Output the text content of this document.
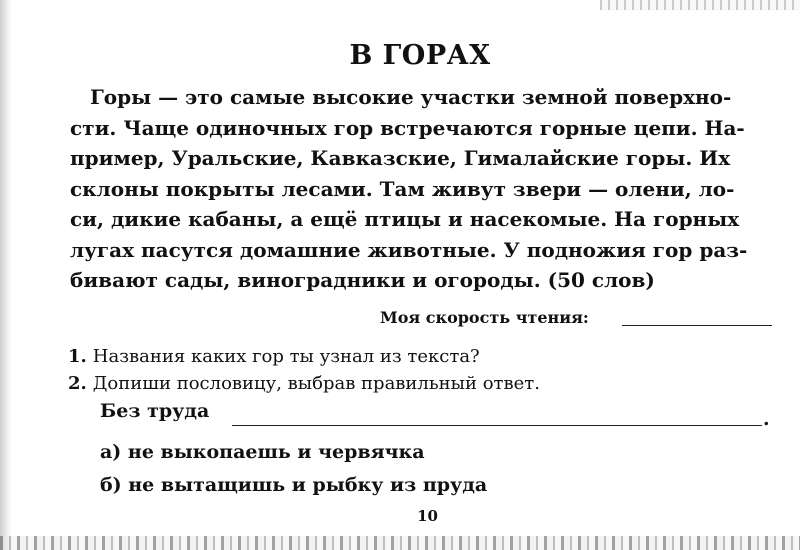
В ГОРАХ
Горы — это самые высокие участки земной поверхно-
сти. Чаще одиночных гор встречаются горные цепи. На-
пример, Уральские, Кавказские, Гималайские горы. Их
склоны покрыты лесами. Там живут звери — олени, ло-
си, дикие кабаны, а ещё птицы и насекомые. На горных
лугах пасутся домашние животные. У подножия гор раз-
бивают сады, виноградники и огороды. (50 слов)
Моя скорость чтения:
1. Названия каких гор ты узнал из текста?
2. Допиши пословицу, выбрав правильный ответ.
Без труда	.
а) не выкопаешь и червячка
б) не вытащишь и рыбку из пруда
10
